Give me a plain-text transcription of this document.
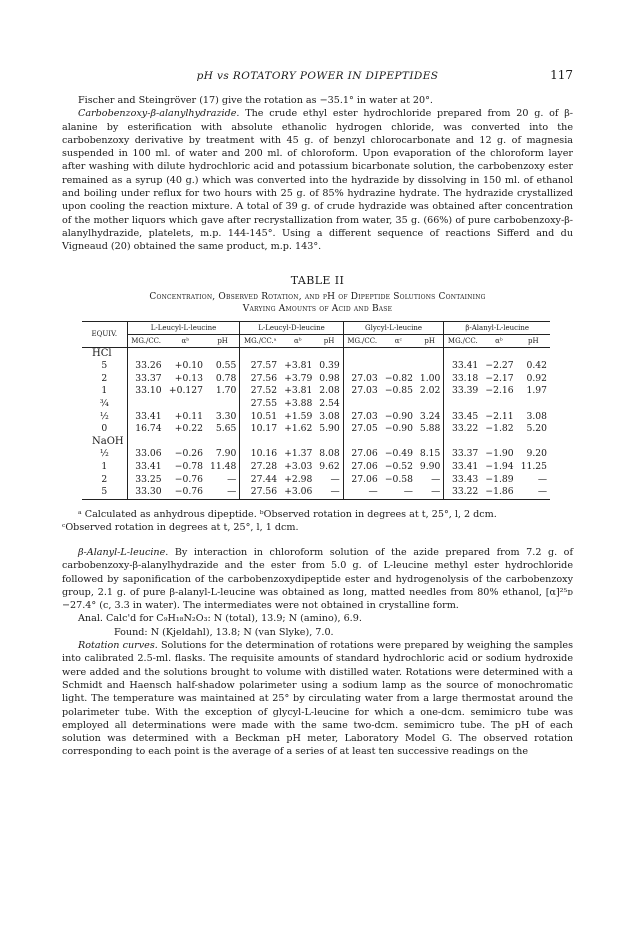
pH vs ROTATORY POWER IN DIPEPTIDES	117

Fischer and Steingröver (17) give the rotation as −35.1° in water at 20°.

Carbobenzoxy-β-alanylhydrazide. The crude ethyl ester hydrochloride prepared from 20 g. of β-alanine by esterification with absolute ethanolic hydrogen chloride, was converted into the carbobenzoxy derivative by treatment with 45 g. of benzyl chlorocarbonate and 12 g. of magnesia suspended in 100 ml. of water and 200 ml. of chloroform. Upon evaporation of the chloroform layer after washing with dilute hydrochloric acid and potassium bicarbonate solution, the carbobenzoxy ester remained as a syrup (40 g.) which was converted into the hydrazide by dissolving in 150 ml. of ethanol and boiling under reflux for two hours with 25 g. of 85% hydrazine hydrate. The hydrazide crystallized upon cooling the reaction mixture. A total of 39 g. of crude hydrazide was obtained after concentration of the mother liquors which gave after recrystallization from water, 35 g. (66%) of pure carbobenzoxy-β-alanylhydrazide, platelets, m.p. 144-145°. Using a different sequence of reactions Sifferd and du Vigneaud (20) obtained the same product, m.p. 143°.

TABLE II
Concentration, Observed Rotation, and pH of Dipeptide Solutions Containing
Varying Amounts of Acid and Base
EQUIV.	L-Leucyl-L-leucine			L-Leucyl-D-leucine			Glycyl-L-leucine			β-Alanyl-L-leucine		
	MG./CC.	αᵇ	pH	MG./CC.ᵃ	αᵇ	pH	MG./CC.	αᶜ	pH	MG./CC.	αᵇ	pH
HCl												
5	33.26	+0.10	0.55	27.57	+3.81	0.39				33.41	−2.27	0.42
2	33.37	+0.13	0.78	27.56	+3.79	0.98	27.03	−0.82	1.00	33.18	−2.17	0.92
1	33.10	+0.127	1.70	27.52	+3.81	2.08	27.03	−0.85	2.02	33.39	−2.16	1.97
¾				27.55	+3.88	2.54						
½	33.41	+0.11	3.30	10.51	+1.59	3.08	27.03	−0.90	3.24	33.45	−2.11	3.08
0	16.74	+0.22	5.65	10.17	+1.62	5.90	27.05	−0.90	5.88	33.22	−1.82	5.20
NaOH												
½	33.06	−0.26	7.90	10.16	+1.37	8.08	27.06	−0.49	8.15	33.37	−1.90	9.20
1	33.41	−0.78	11.48	27.28	+3.03	9.62	27.06	−0.52	9.90	33.41	−1.94	11.25
2	33.25	−0.76	—	27.44	+2.98	—	27.06	−0.58	—	33.43	−1.89	—
5	33.30	−0.76	—	27.56	+3.06	—	—	—	—	33.22	−1.86	—

ᵃ Calculated as anhydrous dipeptide. ᵇObserved rotation in degrees at t, 25°, l, 2 dcm.

ᶜObserved rotation in degrees at t, 25°, l, 1 dcm.

β-Alanyl-L-leucine. By interaction in chloroform solution of the azide prepared from 7.2 g. of carbobenzoxy-β-alanylhydrazide and the ester from 5.0 g. of L-leucine methyl ester hydrochloride followed by saponification of the carbobenzoxydipeptide ester and hydrogenolysis of the carbobenzoxy group, 2.1 g. of pure β-alanyl-L-leucine was obtained as long, matted needles from 80% ethanol, [α]²⁵ᴅ −27.4° (c, 3.3 in water). The intermediates were not obtained in crystalline form.

Anal. Calc'd for C₉H₁₈N₂O₃: N (total), 13.9; N (amino), 6.9.

Found: N (Kjeldahl), 13.8; N (van Slyke), 7.0.

Rotation curves. Solutions for the determination of rotations were prepared by weighing the samples into calibrated 2.5-ml. flasks. The requisite amounts of standard hydrochloric acid or sodium hydroxide were added and the solutions brought to volume with distilled water. Rotations were determined with a Schmidt and Haensch half-shadow polarimeter using a sodium lamp as the source of monochromatic light. The temperature was maintained at 25° by circulating water from a large thermostat around the polarimeter tube. With the exception of glycyl-L-leucine for which a one-dcm. semimicro tube was employed all determinations were made with the same two-dcm. semimicro tube. The pH of each solution was determined with a Beckman pH meter, Laboratory Model G. The observed rotation corresponding to each point is the average of a series of at least ten successive readings on the
